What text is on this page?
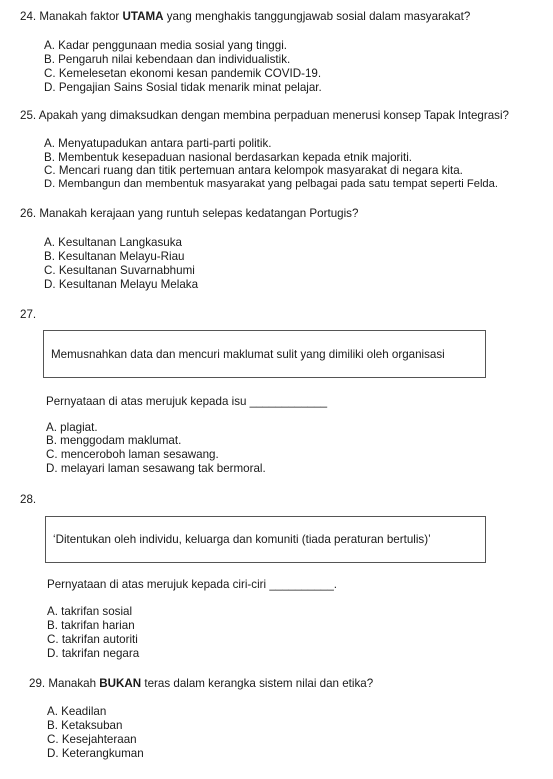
24. Manakah faktor UTAMA yang menghakis tanggungjawab sosial dalam masyarakat?
A. Kadar penggunaan media sosial yang tinggi.
B. Pengaruh nilai kebendaan dan individualistik.
C. Kemelesetan ekonomi kesan pandemik COVID-19.
D. Pengajian Sains Sosial tidak menarik minat pelajar.
25. Apakah yang dimaksudkan dengan membina perpaduan menerusi konsep Tapak Integrasi?
A. Menyatupadukan antara parti-parti politik.
B. Membentuk kesepaduan nasional berdasarkan kepada etnik majoriti.
C. Mencari ruang dan titik pertemuan antara kelompok masyarakat di negara kita.
D. Membangun dan membentuk masyarakat yang pelbagai pada satu tempat seperti Felda.
26. Manakah kerajaan yang runtuh selepas kedatangan Portugis?
A. Kesultanan Langkasuka
B. Kesultanan Melayu-Riau
C. Kesultanan Suvarnabhumi
D. Kesultanan Melayu Melaka
27.
Memusnahkan data dan mencuri maklumat sulit yang dimiliki oleh organisasi
Pernyataan di atas merujuk kepada isu ____________
A. plagiat.
B. menggodam maklumat.
C. menceroboh laman sesawang.
D. melayari laman sesawang tak bermoral.
28.
‘Ditentukan oleh individu, keluarga dan komuniti (tiada peraturan bertulis)’
Pernyataan di atas merujuk kepada ciri-ciri __________.
A. takrifan sosial
B. takrifan harian
C. takrifan autoriti
D. takrifan negara
29. Manakah BUKAN teras dalam kerangka sistem nilai dan etika?
A. Keadilan
B. Ketaksuban
C. Kesejahteraan
D. Keterangkuman
